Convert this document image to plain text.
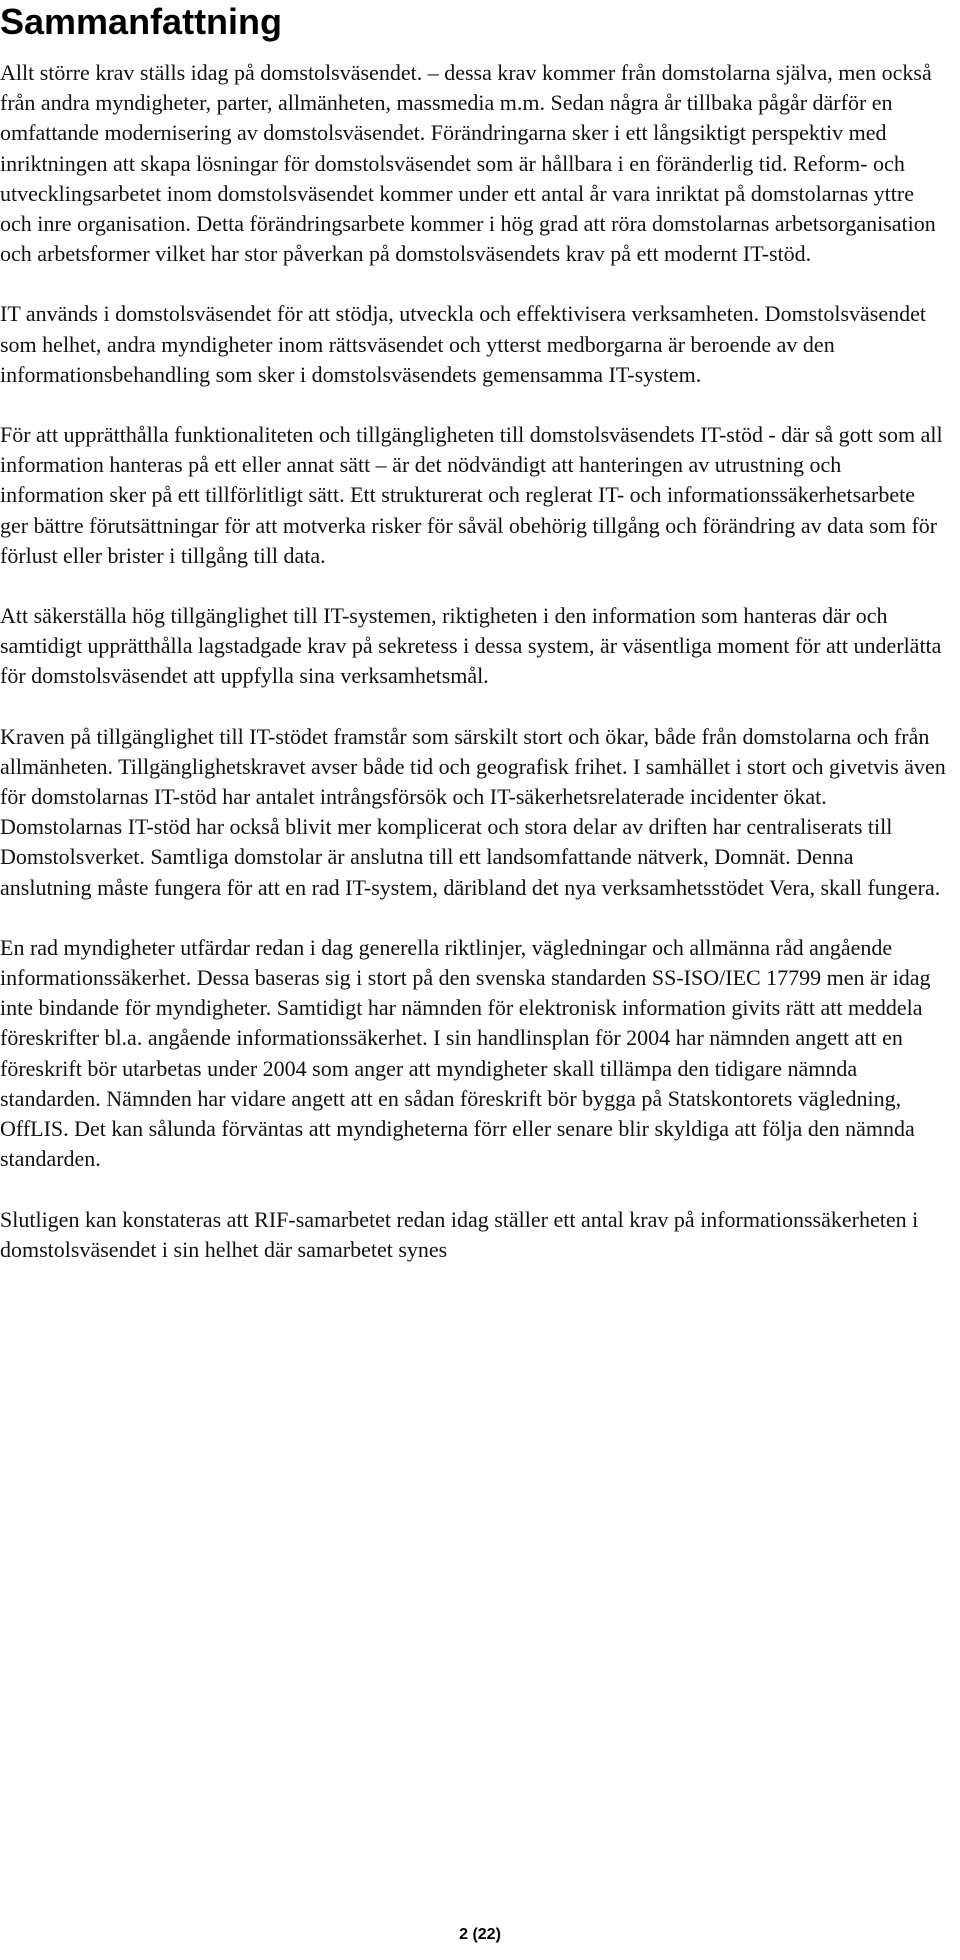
Sammanfattning

Allt större krav ställs idag på domstolsväsendet. – dessa krav kommer från domstolarna själva, men också från andra myndigheter, parter, allmänheten, massmedia m.m. Sedan några år tillbaka pågår därför en omfattande modernisering av domstolsväsendet. Förändringarna sker i ett långsiktigt perspektiv med inriktningen att skapa lösningar för domstolsväsendet som är hållbara i en föränderlig tid. Reform- och utvecklingsarbetet inom domstolsväsendet kommer under ett antal år vara inriktat på domstolarnas yttre och inre organisation. Detta förändringsarbete kommer i hög grad att röra domstolarnas arbetsorganisation och arbetsformer vilket har stor påverkan på domstolsväsendets krav på ett modernt IT-stöd.

IT används i domstolsväsendet för att stödja, utveckla och effektivisera verksamheten. Domstolsväsendet som helhet, andra myndigheter inom rättsväsendet och ytterst medborgarna är beroende av den informationsbehandling som sker i domstolsväsendets gemensamma IT-system.

För att upprätthålla funktionaliteten och tillgängligheten till domstolsväsendets IT-stöd - där så gott som all information hanteras på ett eller annat sätt – är det nödvändigt att hanteringen av utrustning och information sker på ett tillförlitligt sätt. Ett strukturerat och reglerat IT- och informationssäkerhetsarbete ger bättre förutsättningar för att motverka risker för såväl obehörig tillgång och förändring av data som för förlust eller brister i tillgång till data.

Att säkerställa hög tillgänglighet till IT-systemen, riktigheten i den information som hanteras där och samtidigt upprätthålla lagstadgade krav på sekretess i dessa system, är väsentliga moment för att underlätta för domstolsväsendet att uppfylla sina verksamhetsmål.

Kraven på tillgänglighet till IT-stödet framstår som särskilt stort och ökar, både från domstolarna och från allmänheten. Tillgänglighetskravet avser både tid och geografisk frihet. I samhället i stort och givetvis även för domstolarnas IT-stöd har antalet intrångsförsök och IT-säkerhetsrelaterade incidenter ökat. Domstolarnas IT-stöd har också blivit mer komplicerat och stora delar av driften har centraliserats till Domstolsverket. Samtliga domstolar är anslutna till ett landsomfattande nätverk, Domnät. Denna anslutning måste fungera för att en rad IT-system, däribland det nya verksamhetsstödet Vera, skall fungera.

En rad myndigheter utfärdar redan i dag generella riktlinjer, vägledningar och allmänna råd angående informationssäkerhet. Dessa baseras sig i stort på den svenska standarden SS-ISO/IEC 17799 men är idag inte bindande för myndigheter. Samtidigt har nämnden för elektronisk information givits rätt att meddela föreskrifter bl.a. angående informationssäkerhet. I sin handlinsplan för 2004 har nämnden angett att en föreskrift bör utarbetas under 2004 som anger att myndigheter skall tillämpa den tidigare nämnda standarden. Nämnden har vidare angett att en sådan föreskrift bör bygga på Statskontorets vägledning, OffLIS. Det kan sålunda förväntas att myndigheterna förr eller senare blir skyldiga att följa den nämnda standarden.

Slutligen kan konstateras att RIF-samarbetet redan idag ställer ett antal krav på informationssäkerheten i domstolsväsendet i sin helhet där samarbetet synes

2 (22)
